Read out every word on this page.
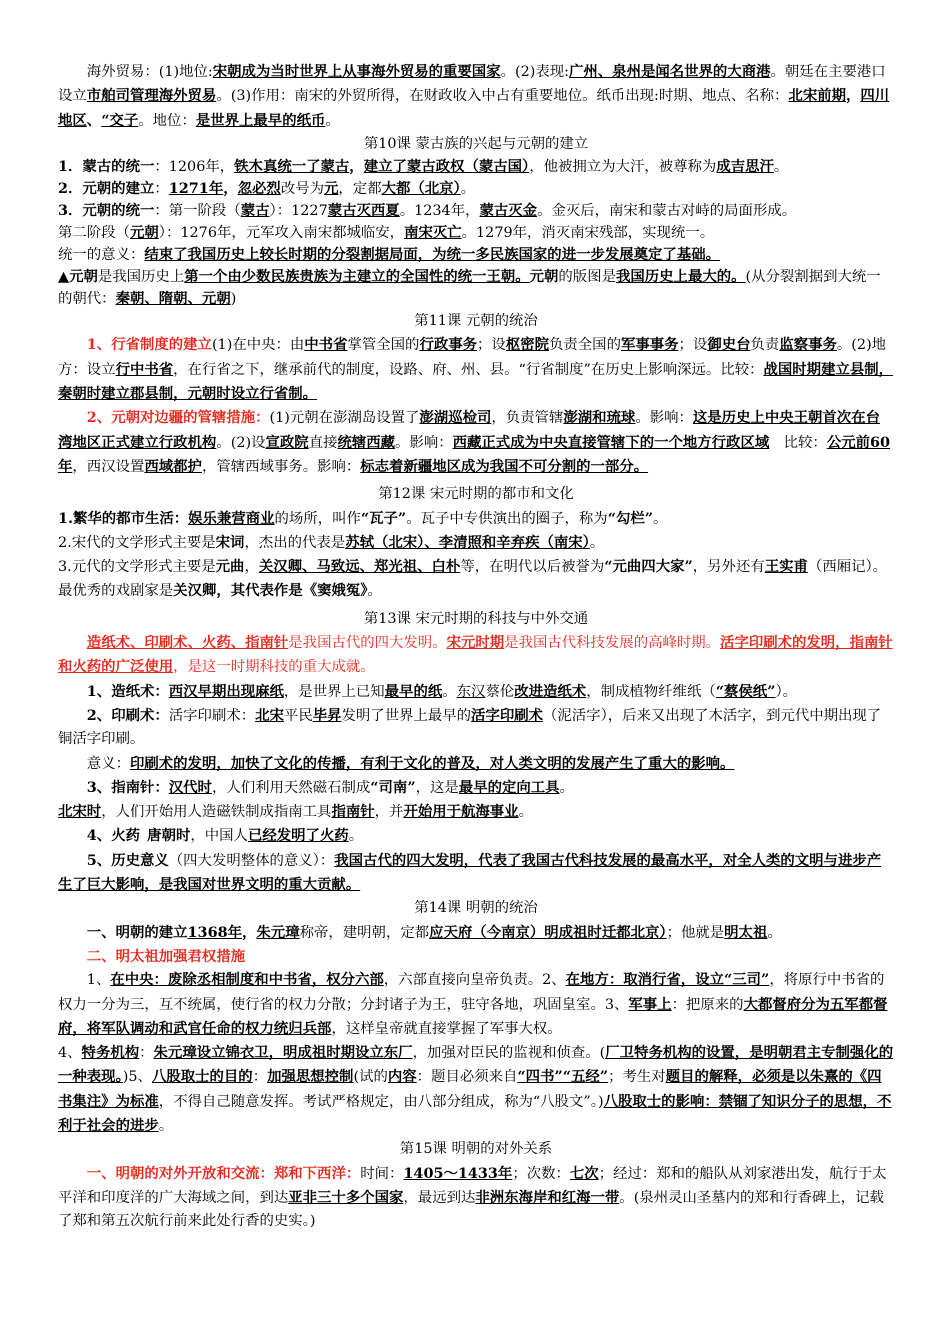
海外贸易：(1)地位:宋朝成为当时世界上从事海外贸易的重要国家。(2)表现:广州、泉州是闻名世界的大商港。朝廷在主要港口设立市舶司管理海外贸易。(3)作用：南宋的外贸所得，在财政收入中占有重要地位。纸币出现:时期、地点、名称：北宋前期，四川地区、“交子。地位：是世界上最早的纸币。

第10课 蒙古族的兴起与元朝的建立

1．蒙古的统一：1206年，铁木真统一了蒙古，建立了蒙古政权（蒙古国），他被拥立为大汗，被尊称为成吉思汗。

2．元朝的建立：1271年，忽必烈改号为元，定都大都（北京）。

3．元朝的统一：第一阶段（蒙古）：1227蒙古灭西夏。1234年，蒙古灭金。金灭后，南宋和蒙古对峙的局面形成。

第二阶段（元朝）：1276年，元军攻入南宋都城临安，南宋灭亡。1279年，消灭南宋残部，实现统一。

统一的意义：结束了我国历史上较长时期的分裂割据局面，为统一多民族国家的进一步发展奠定了基础。

▲元朝是我国历史上第一个由少数民族贵族为主建立的全国性的统一王朝。元朝的版图是我国历史上最大的。(从分裂割据到大统一的朝代：秦朝、隋朝、元朝)

第11课 元朝的统治

1、行省制度的建立(1)在中央：由中书省掌管全国的行政事务；设枢密院负责全国的军事事务；设御史台负责监察事务。(2)地方：设立行中书省，在行省之下，继承前代的制度，设路、府、州、县。“行省制度”在历史上影响深远。比较：战国时期建立县制，秦朝时建立郡县制，元朝时设立行省制。

2、元朝对边疆的管辖措施：(1)元朝在澎湖岛设置了澎湖巡检司，负责管辖澎湖和琉球。影响：这是历史上中央王朝首次在台湾地区正式建立行政机构。(2)设宣政院直接统辖西藏。影响：西藏正式成为中央直接管辖下的一个地方行政区域 比较：公元前60年，西汉设置西域都护，管辖西域事务。影响：标志着新疆地区成为我国不可分割的一部分。

第12课 宋元时期的都市和文化

1.繁华的都市生活：娱乐兼营商业的场所，叫作“瓦子”。瓦子中专供演出的圈子，称为“勾栏”。

2.宋代的文学形式主要是宋词，杰出的代表是苏轼（北宋）、李清照和辛弃疾（南宋）。

3.元代的文学形式主要是元曲，关汉卿、马致远、郑光祖、白朴等，在明代以后被誉为“元曲四大家”，另外还有王实甫（西厢记）。最优秀的戏剧家是关汉卿，其代表作是《窦娥冤》。

第13课 宋元时期的科技与中外交通

造纸术、印刷术、火药、指南针是我国古代的四大发明。宋元时期是我国古代科技发展的高峰时期。活字印刷术的发明，指南针和火药的广泛使用，是这一时期科技的重大成就。

1、造纸术：西汉早期出现麻纸，是世界上已知最早的纸。东汉蔡伦改进造纸术，制成植物纤维纸（“蔡侯纸”）。

2、印刷术：活字印刷术：北宋平民毕昇发明了世界上最早的活字印刷术（泥活字），后来又出现了木活字，到元代中期出现了铜活字印刷。

意义：印刷术的发明，加快了文化的传播，有利于文化的普及，对人类文明的发展产生了重大的影响。

3、指南针：汉代时，人们利用天然磁石制成“司南”，这是最早的定向工具。

北宋时，人们开始用人造磁铁制成指南工具指南针，并开始用于航海事业。

4、火药 唐朝时，中国人已经发明了火药。

5、历史意义（四大发明整体的意义）：我国古代的四大发明，代表了我国古代科技发展的最高水平，对全人类的文明与进步产生了巨大影响，是我国对世界文明的重大贡献。

第14课 明朝的统治

一、明朝的建立1368年，朱元璋称帝，建明朝，定都应天府（今南京）明成祖时迁都北京）；他就是明太祖。

二、明太祖加强君权措施

1、在中央：废除丞相制度和中书省，权分六部，六部直接向皇帝负责。2、在地方：取消行省，设立“三司”，将原行中书省的权力一分为三，互不统属，使行省的权力分散；分封诸子为王，驻守各地，巩固皇室。3、军事上：把原来的大都督府分为五军都督府，将军队调动和武官任命的权力统归兵部，这样皇帝就直接掌握了军事大权。

4、特务机构：朱元璋设立锦衣卫，明成祖时期设立东厂，加强对臣民的监视和侦查。(厂卫特务机构的设置，是明朝君主专制强化的一种表现。)5、八股取士的目的：加强思想控制(试的内容：题目必须来自“四书”“五经”；考生对题目的解释，必须是以朱熹的《四书集注》为标准，不得自己随意发挥。考试严格规定，由八部分组成，称为“八股文”。)八股取士的影响：禁锢了知识分子的思想，不利于社会的进步。

第15课 明朝的对外关系

一、明朝的对外开放和交流：郑和下西洋：时间：1405～1433年；次数：七次；经过：郑和的船队从刘家港出发，航行于太平洋和印度洋的广大海域之间，到达亚非三十多个国家，最远到达非洲东海岸和红海一带。(泉州灵山圣墓内的郑和行香碑上，记载了郑和第五次航行前来此处行香的史实。)
